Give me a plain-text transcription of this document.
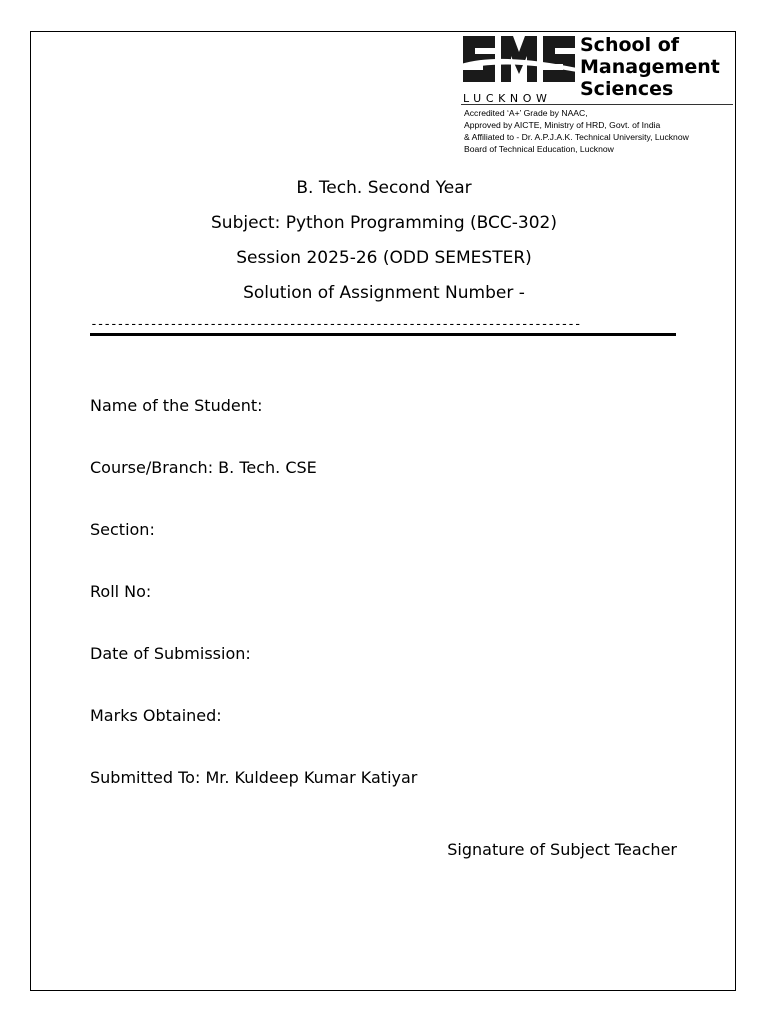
LUCKNOW
School of
Management
Sciences
Accredited ‘A+’ Grade by NAAC,
Approved by AICTE, Ministry of HRD, Govt. of India
& Affiliated to - Dr. A.P.J.A.K. Technical University, Lucknow
Board of Technical Education, Lucknow
B. Tech. Second Year
Subject: Python Programming (BCC-302)
Session 2025-26 (ODD SEMESTER)
Solution of Assignment Number -
--------------------------------------------------------------------------
Name of the Student:
Course/Branch: B. Tech. CSE
Section:
Roll No:
Date of Submission:
Marks Obtained:
Submitted To: Mr. Kuldeep Kumar Katiyar
Signature of Subject Teacher
